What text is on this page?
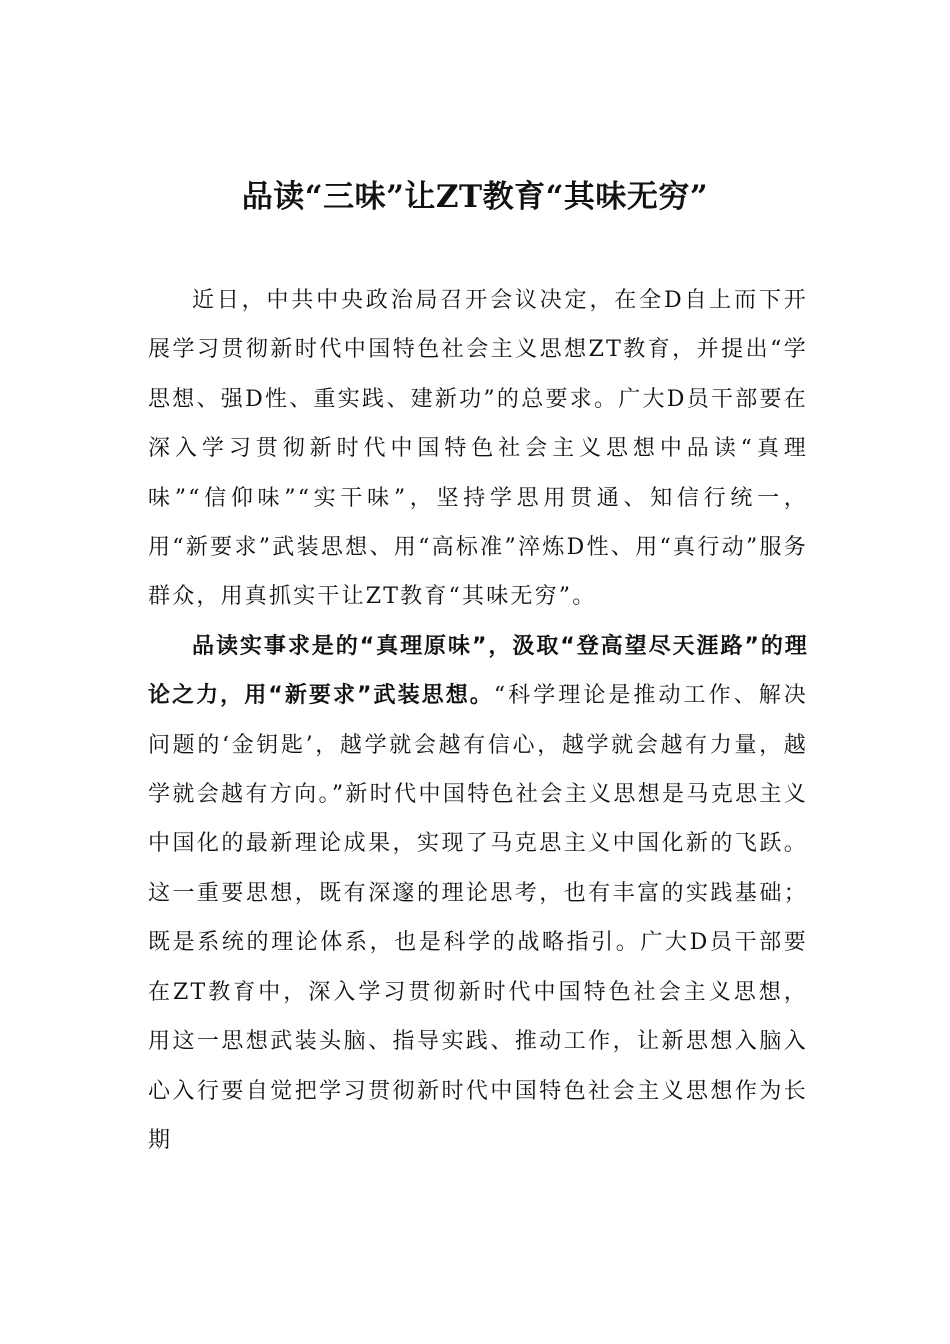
品读“三味”让ZT教育“其味无穷”

近日，中共中央政治局召开会议决定，在全D自上而下开展学习贯彻新时代中国特色社会主义思想ZT教育，并提出“学思想、强D性、重实践、建新功”的总要求。广大D员干部要在深入学习贯彻新时代中国特色社会主义思想中品读“真理味”“信仰味”“实干味”，坚持学思用贯通、知信行统一，用“新要求”武装思想、用“高标准”淬炼D性、用“真行动”服务群众，用真抓实干让ZT教育“其味无穷”。

品读实事求是的“真理原味”，汲取“登高望尽天涯路”的理论之力，用“新要求”武装思想。“科学理论是推动工作、解决问题的‘金钥匙’，越学就会越有信心，越学就会越有力量，越学就会越有方向。”新时代中国特色社会主义思想是马克思主义中国化的最新理论成果，实现了马克思主义中国化新的飞跃。这一重要思想，既有深邃的理论思考，也有丰富的实践基础；既是系统的理论体系，也是科学的战略指引。广大D员干部要在ZT教育中，深入学习贯彻新时代中国特色社会主义思想，用这一思想武装头脑、指导实践、推动工作，让新思想入脑入心入行要自觉把学习贯彻新时代中国特色社会主义思想作为长期
